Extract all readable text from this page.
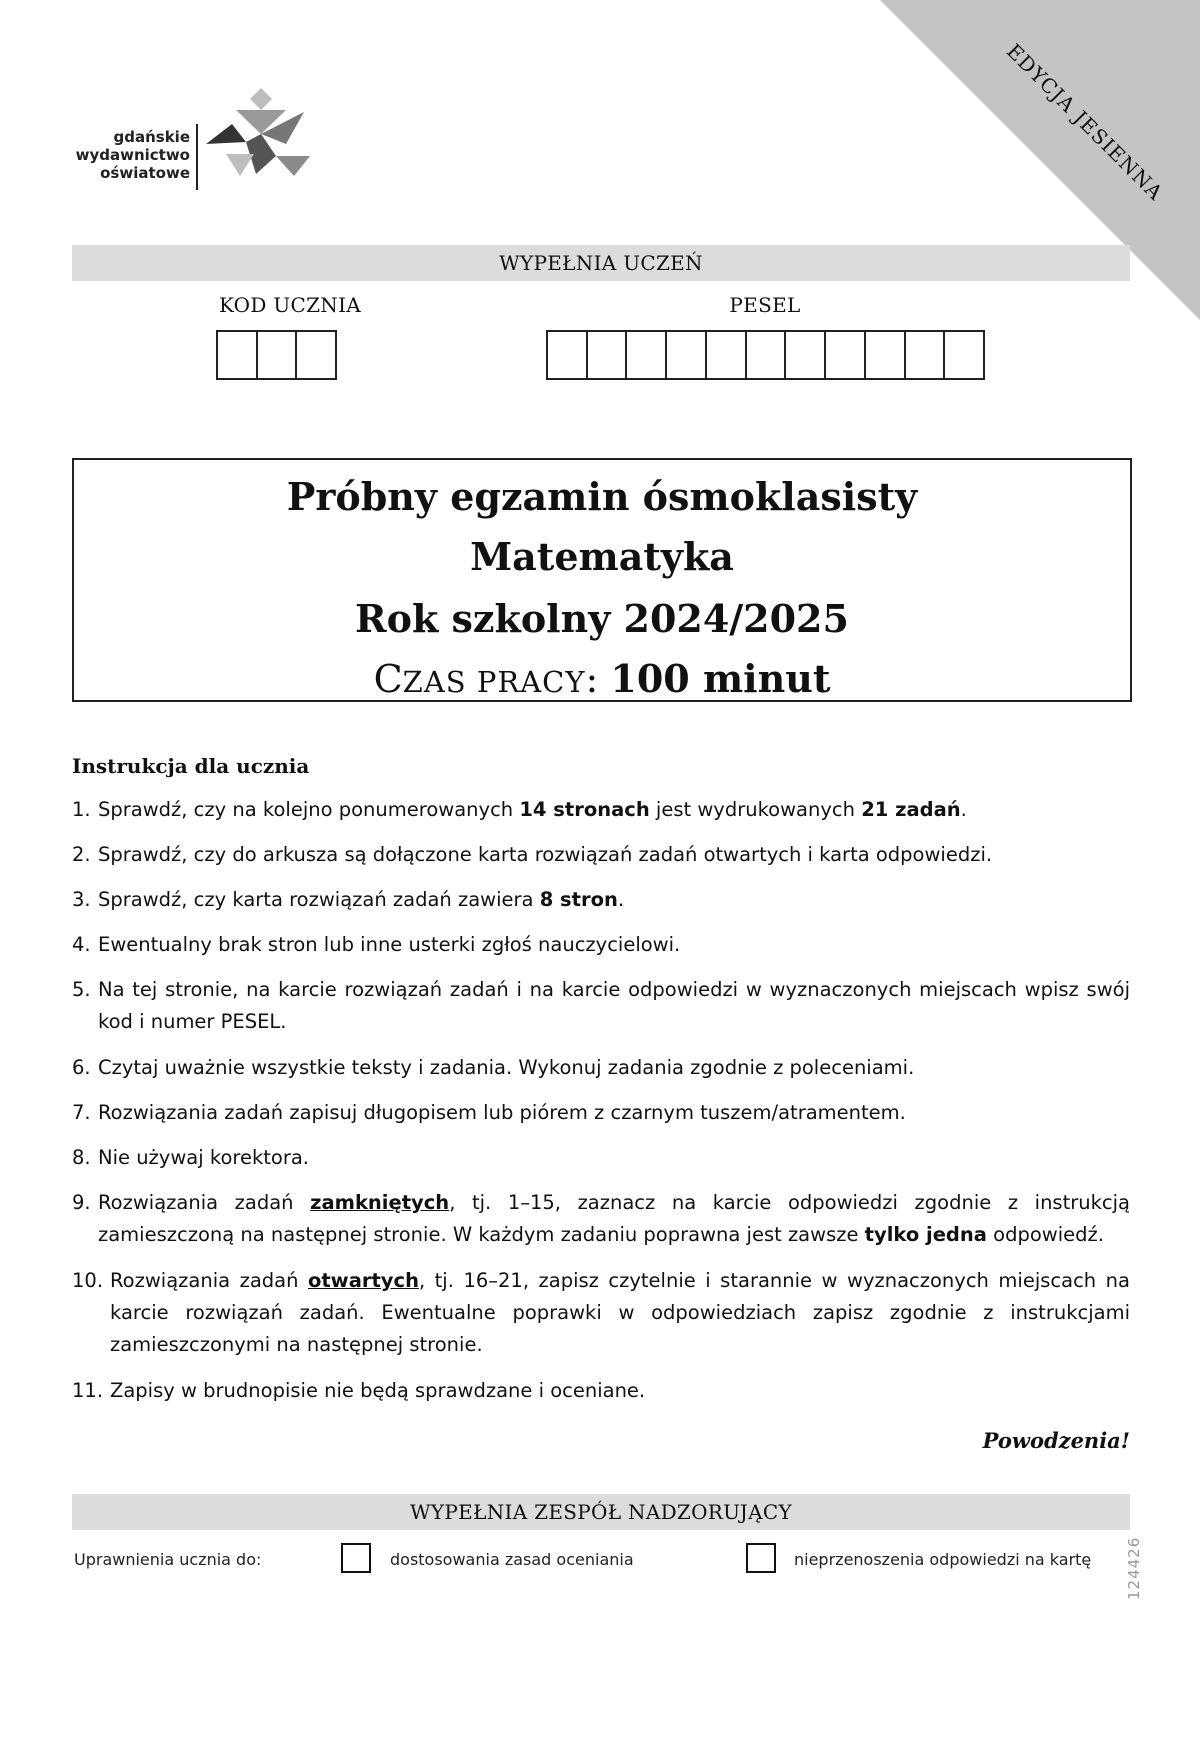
EDYCJA JESIENNA
gdańskie
wydawnictwo
oświatowe
WYPEŁNIA UCZEŃ
KOD UCZNIA	PESEL
Próbny egzamin ósmoklasisty
Matematyka
Rok szkolny 2024/2025
CZAS PRACY: 100 minut
Instrukcja dla ucznia
1. Sprawdź, czy na kolejno ponumerowanych 14 stronach jest wydrukowanych 21 zadań.
2. Sprawdź, czy do arkusza są dołączone karta rozwiązań zadań otwartych i karta odpowiedzi.
3. Sprawdź, czy karta rozwiązań zadań zawiera 8 stron.
4. Ewentualny brak stron lub inne usterki zgłoś nauczycielowi.
5. Na tej stronie, na karcie rozwiązań zadań i na karcie odpowiedzi w wyznaczonych miejscach wpisz swój kod i numer PESEL.
6. Czytaj uważnie wszystkie teksty i zadania. Wykonuj zadania zgodnie z poleceniami.
7. Rozwiązania zadań zapisuj długopisem lub piórem z czarnym tuszem/atramentem.
8. Nie używaj korektora.
9. Rozwiązania zadań zamkniętych, tj. 1–15, zaznacz na karcie odpowiedzi zgodnie z instrukcją zamieszczoną na następnej stronie. W każdym zadaniu poprawna jest zawsze tylko jedna odpowiedź.
10. Rozwiązania zadań otwartych, tj. 16–21, zapisz czytelnie i starannie w wyznaczonych miejscach na karcie rozwiązań zadań. Ewentualne poprawki w odpowiedziach zapisz zgodnie z instrukcjami zamieszczonymi na następnej stronie.
11. Zapisy w brudnopisie nie będą sprawdzane i oceniane.
Powodzenia!
WYPEŁNIA ZESPÓŁ NADZORUJĄCY
Uprawnienia ucznia do:	dostosowania zasad oceniania	nieprzenoszenia odpowiedzi na kartę 124426
